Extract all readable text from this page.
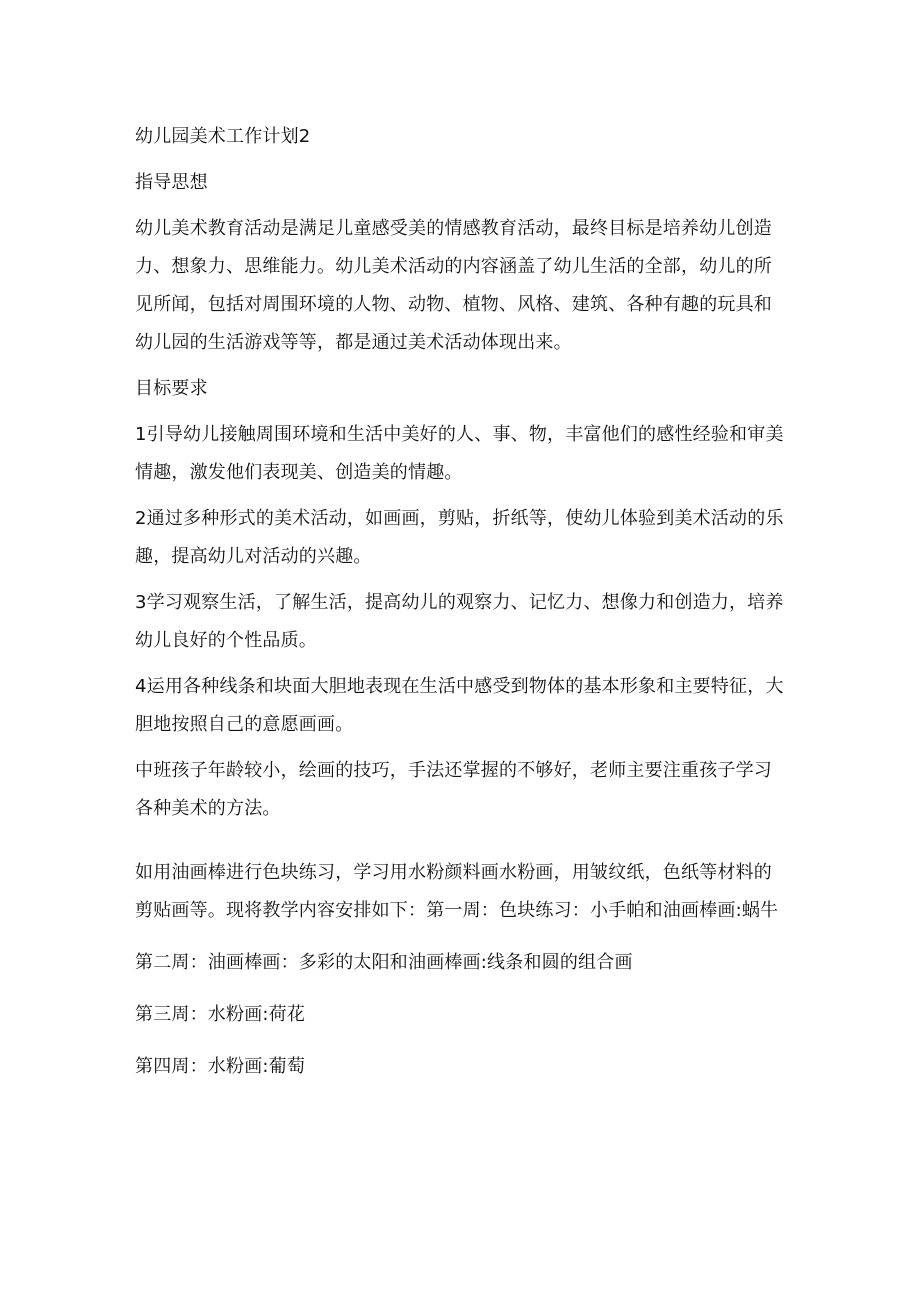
幼儿园美术工作计划2

指导思想

幼儿美术教育活动是满足儿童感受美的情感教育活动，最终目标是培养幼儿创造力、想象力、思维能力。幼儿美术活动的内容涵盖了幼儿生活的全部，幼儿的所见所闻，包括对周围环境的人物、动物、植物、风格、建筑、各种有趣的玩具和幼儿园的生活游戏等等，都是通过美术活动体现出来。

目标要求

1引导幼儿接触周围环境和生活中美好的人、事、物，丰富他们的感性经验和审美情趣，激发他们表现美、创造美的情趣。

2通过多种形式的美术活动，如画画，剪贴，折纸等，使幼儿体验到美术活动的乐趣，提高幼儿对活动的兴趣。

3学习观察生活，了解生活，提高幼儿的观察力、记忆力、想像力和创造力，培养幼儿良好的个性品质。

4运用各种线条和块面大胆地表现在生活中感受到物体的基本形象和主要特征，大胆地按照自己的意愿画画。

中班孩子年龄较小，绘画的技巧，手法还掌握的不够好，老师主要注重孩子学习各种美术的方法。

如用油画棒进行色块练习，学习用水粉颜料画水粉画，用皱纹纸，色纸等材料的剪贴画等。现将教学内容安排如下：第一周：色块练习：小手帕和油画棒画:蜗牛

第二周：油画棒画：多彩的太阳和油画棒画:线条和圆的组合画

第三周：水粉画:荷花

第四周：水粉画:葡萄
